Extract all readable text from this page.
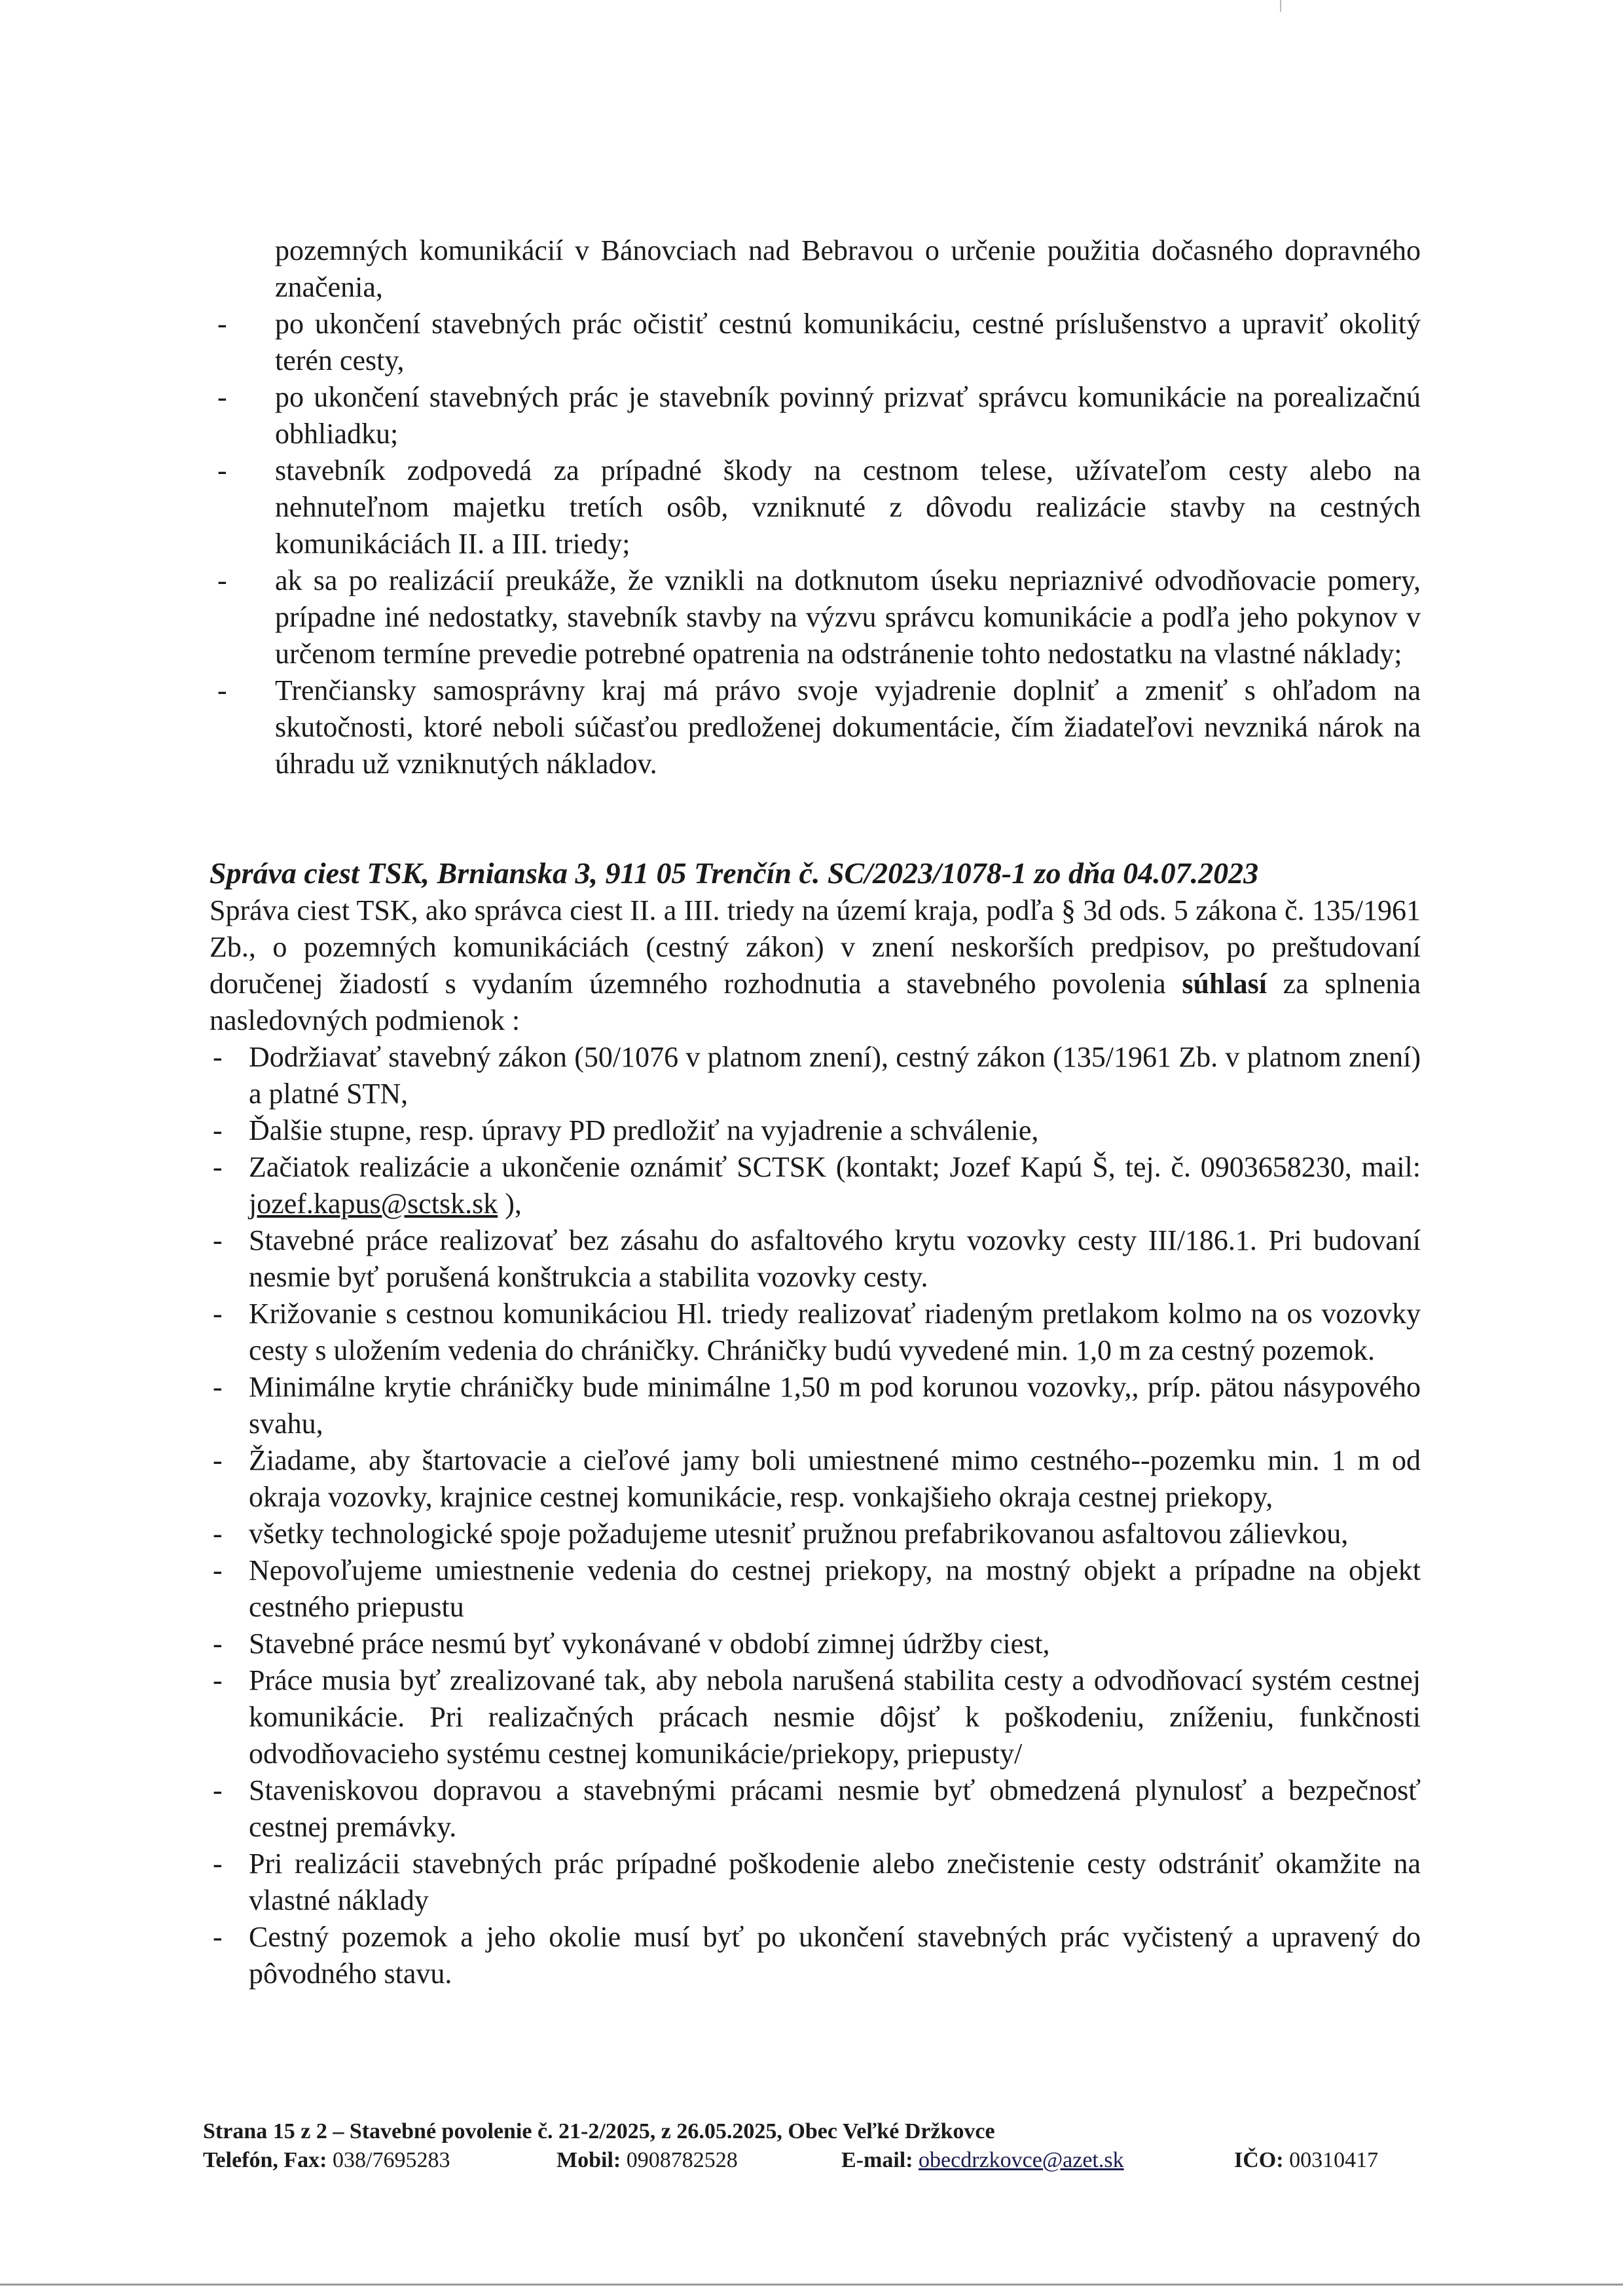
pozemných komunikácií v Bánovciach nad Bebravou o určenie použitia dočasného dopravného značenia,

-	po ukončení stavebných prác očistiť cestnú komunikáciu, cestné príslušenstvo a upraviť okolitý terén cesty,

-	po ukončení stavebných prác je stavebník povinný prizvať správcu komunikácie na porealizačnú obhliadku;

-	stavebník zodpovedá za prípadné škody na cestnom telese, užívateľom cesty alebo na nehnuteľnom majetku tretích osôb, vzniknuté z dôvodu realizácie stavby na cestných komunikáciách II. a III. triedy;

-	ak sa po realizácií preukáže, že vznikli na dotknutom úseku nepriaznivé odvodňovacie pomery, prípadne iné nedostatky, stavebník stavby na výzvu správcu komunikácie a podľa jeho pokynov v určenom termíne prevedie potrebné opatrenia na odstránenie tohto nedostatku na vlastné náklady;

-	Trenčiansky samosprávny kraj má právo svoje vyjadrenie doplniť a zmeniť s ohľadom na skutočnosti, ktoré neboli súčasťou predloženej dokumentácie, čím žiadateľovi nevzniká nárok na úhradu už vzniknutých nákladov.

Správa ciest TSK, Brnianska 3, 911 05 Trenčín č. SC/2023/1078-1 zo dňa 04.07.2023

Správa ciest TSK, ako správca ciest II. a III. triedy na území kraja, podľa § 3d ods. 5 zákona č. 135/1961 Zb., o pozemných komunikáciách (cestný zákon) v znení neskorších predpisov, po preštudovaní doručenej žiadostí s vydaním územného rozhodnutia a stavebného povolenia súhlasí za splnenia nasledovných podmienok :

- Dodržiavať stavebný zákon (50/1076 v platnom znení), cestný zákon (135/1961 Zb. v platnom znení) a platné STN,

- Ďalšie stupne, resp. úpravy PD predložiť na vyjadrenie a schválenie,

- Začiatok realizácie a ukončenie oznámiť SCTSK (kontakt; Jozef Kapú Š, tej. č. 0903658230, mail: jozef.kapus@sctsk.sk ),

- Stavebné práce realizovať bez zásahu do asfaltového krytu vozovky cesty III/186.1. Pri budovaní nesmie byť porušená konštrukcia a stabilita vozovky cesty.

- Križovanie s cestnou komunikáciou Hl. triedy realizovať riadeným pretlakom kolmo na os vozovky cesty s uložením vedenia do chráničky. Chráničky budú vyvedené min. 1,0 m za cestný pozemok.

- Minimálne krytie chráničky bude minimálne 1,50 m pod korunou vozovky,, príp. pätou násypového svahu,

- Žiadame, aby štartovacie a cieľové jamy boli umiestnené mimo cestného--pozemku min. 1 m od okraja vozovky, krajnice cestnej komunikácie, resp. vonkajšieho okraja cestnej priekopy,

- všetky technologické spoje požadujeme utesniť pružnou prefabrikovanou asfaltovou zálievkou,

- Nepovoľujeme umiestnenie vedenia do cestnej priekopy, na mostný objekt a prípadne na objekt cestného priepustu

- Stavebné práce nesmú byť vykonávané v období zimnej údržby ciest,

- Práce musia byť zrealizované tak, aby nebola narušená stabilita cesty a odvodňovací systém cestnej komunikácie. Pri realizačných prácach nesmie dôjsť k poškodeniu, zníženiu, funkčnosti odvodňovacieho systému cestnej komunikácie/priekopy, priepusty/

- Staveniskovou dopravou a stavebnými prácami nesmie byť obmedzená plynulosť a bezpečnosť cestnej premávky.

- Pri realizácii stavebných prác prípadné poškodenie alebo znečistenie cesty odstrániť okamžite na vlastné náklady

- Cestný pozemok a jeho okolie musí byť po ukončení stavebných prác vyčistený a upravený do pôvodného stavu.

Strana 15 z 2 – Stavebné povolenie č. 21-2/2025, z 26.05.2025, Obec Veľké Držkovce
Telefón, Fax: 038/7695283	Mobil: 0908782528	E-mail: obecdrzkovce@azet.sk	IČO: 00310417
